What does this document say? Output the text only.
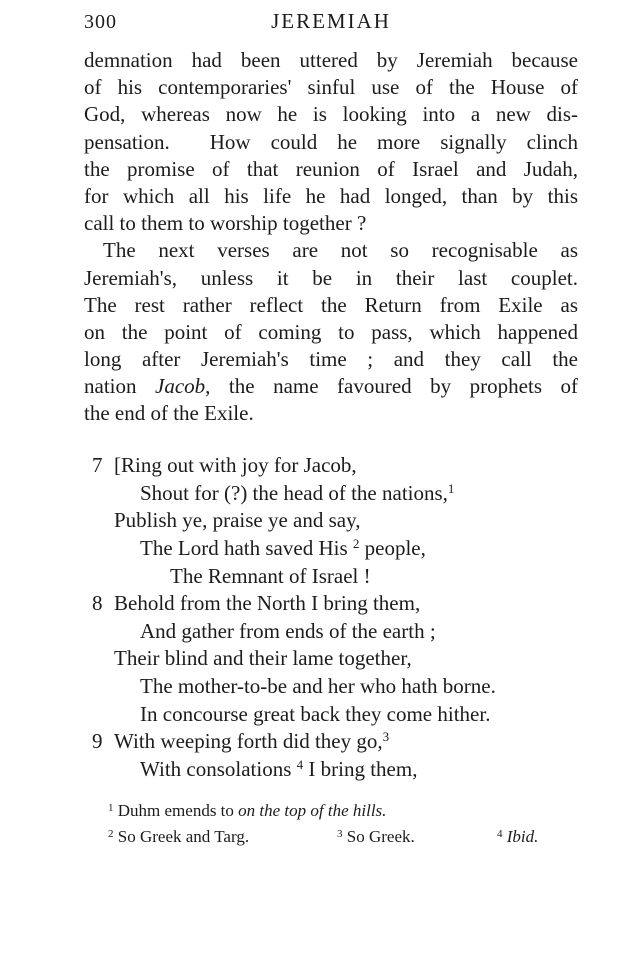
300	JEREMIAH
demnation had been uttered by Jeremiah because
of his contemporaries' sinful use of the House of
God, whereas now he is looking into a new dis-
pensation.  How could he more signally clinch
the promise of that reunion of Israel and Judah,
for which all his life he had longed, than by this
call to them to worship together ?
The next verses are not so recognisable as
Jeremiah's, unless it be in their last couplet.
The rest rather reflect the Return from Exile as
on the point of coming to pass, which happened
long after Jeremiah's time ; and they call the
nation Jacob, the name favoured by prophets of
the end of the Exile.
7 [Ring out with joy for Jacob,
Shout for (?) the head of the nations,$^1$
Publish ye, praise ye and say,
The Lord hath saved His $^2$ people,
The Remnant of Israel !
8 Behold from the North I bring them,
And gather from ends of the earth ;
Their blind and their lame together,
The mother-to-be and her who hath borne.
In concourse great back they come hither.
9 With weeping forth did they go,$^3$
With consolations $^4$ I bring them,
$^1$ Duhm emends to on the top of the hills.
$^2$ So Greek and Targ.	$^3$ So Greek.	$^4$ Ibid.
